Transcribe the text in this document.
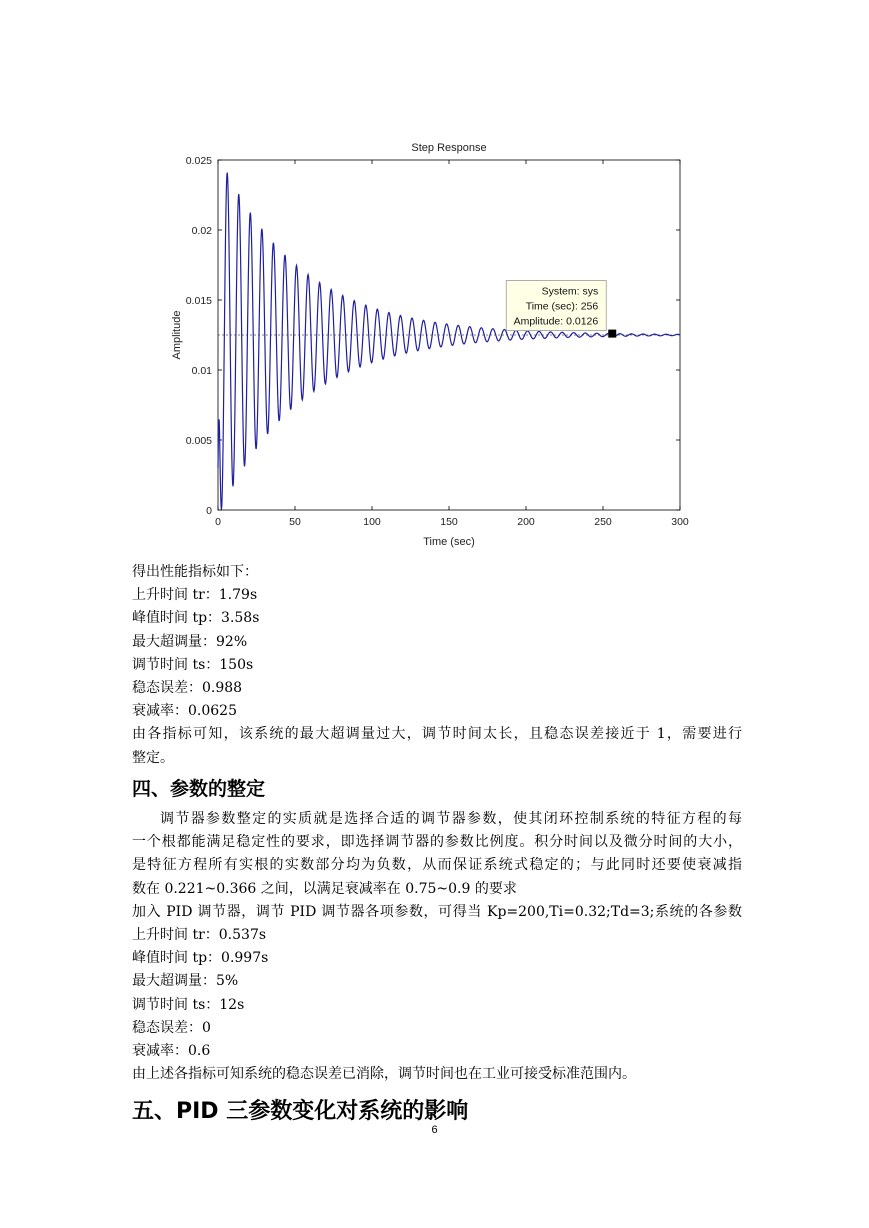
0	50	100	150	200	250	300
0
0.005
0.01
0.015
0.02
0.025
Step Response
Time (sec)
Amplitude
System: sys
Time (sec): 256
Amplitude: 0.0126
得出性能指标如下：
上升时间 tr：1.79s
峰值时间 tp：3.58s
最大超调量：92%
调节时间 ts：150s
稳态误差：0.988
衰减率：0.0625
由各指标可知，该系统的最大超调量过大，调节时间太长，且稳态误差接近于 1，需要进行
整定。
四、参数的整定
调节器参数整定的实质就是选择合适的调节器参数，使其闭环控制系统的特征方程的每
一个根都能满足稳定性的要求，即选择调节器的参数比例度。积分时间以及微分时间的大小，
是特征方程所有实根的实数部分均为负数，从而保证系统式稳定的；与此同时还要使衰减指
数在 0.221~0.366 之间，以满足衰减率在 0.75~0.9 的要求
加入 PID 调节器，调节 PID 调节器各项参数，可得当 Kp=200,Ti=0.32;Td=3;系统的各参数
上升时间 tr：0.537s
峰值时间 tp：0.997s
最大超调量：5%
调节时间 ts：12s
稳态误差：0
衰减率：0.6
由上述各指标可知系统的稳态误差已消除，调节时间也在工业可接受标准范围内。
五、PID 三参数变化对系统的影响
6
